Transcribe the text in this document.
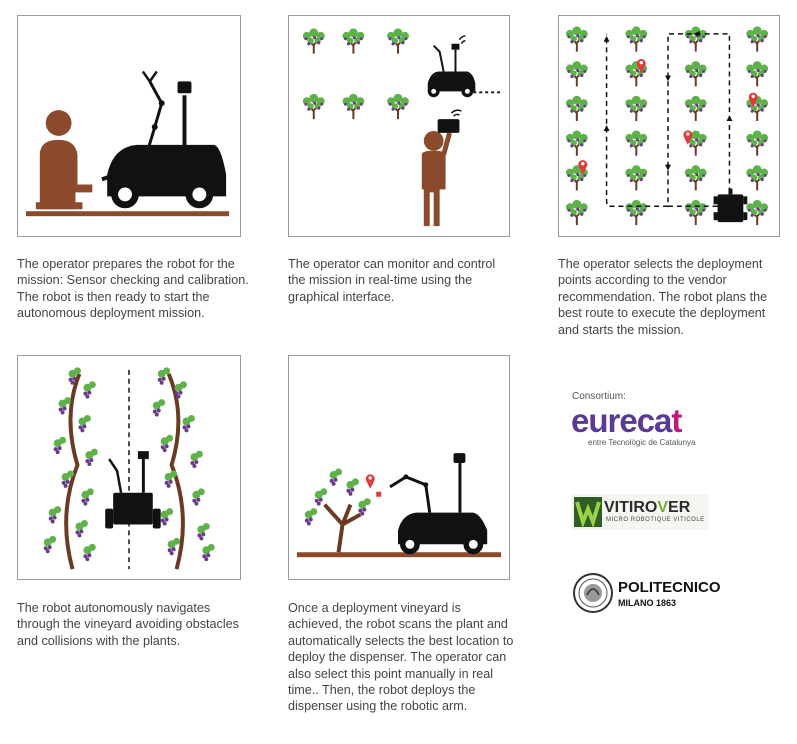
The operator prepares the robot for the mission: Sensor checking and calibration. The robot is then ready to start the autonomous deployment mission.

The operator can monitor and control the mission in real-time using the graphical interface.

The operator selects the deployment points according to the vendor recommendation. The robot plans the best route to execute the deployment and starts the mission.

The robot autonomously navigates through the vineyard avoiding obstacles and collisions with the plants.

Once a deployment vineyard is achieved, the robot scans the plant and automatically selects the best location to deploy the dispenser. The operator can also select this point manually in real time.. Then, the robot deploys the dispenser using the robotic arm.

Consortium:
eurecat
entre Tecnològic de Catalunya
VITIROVER
MICRO ROBOTIQUE VITICOLE
POLITECNICO
MILANO 1863
